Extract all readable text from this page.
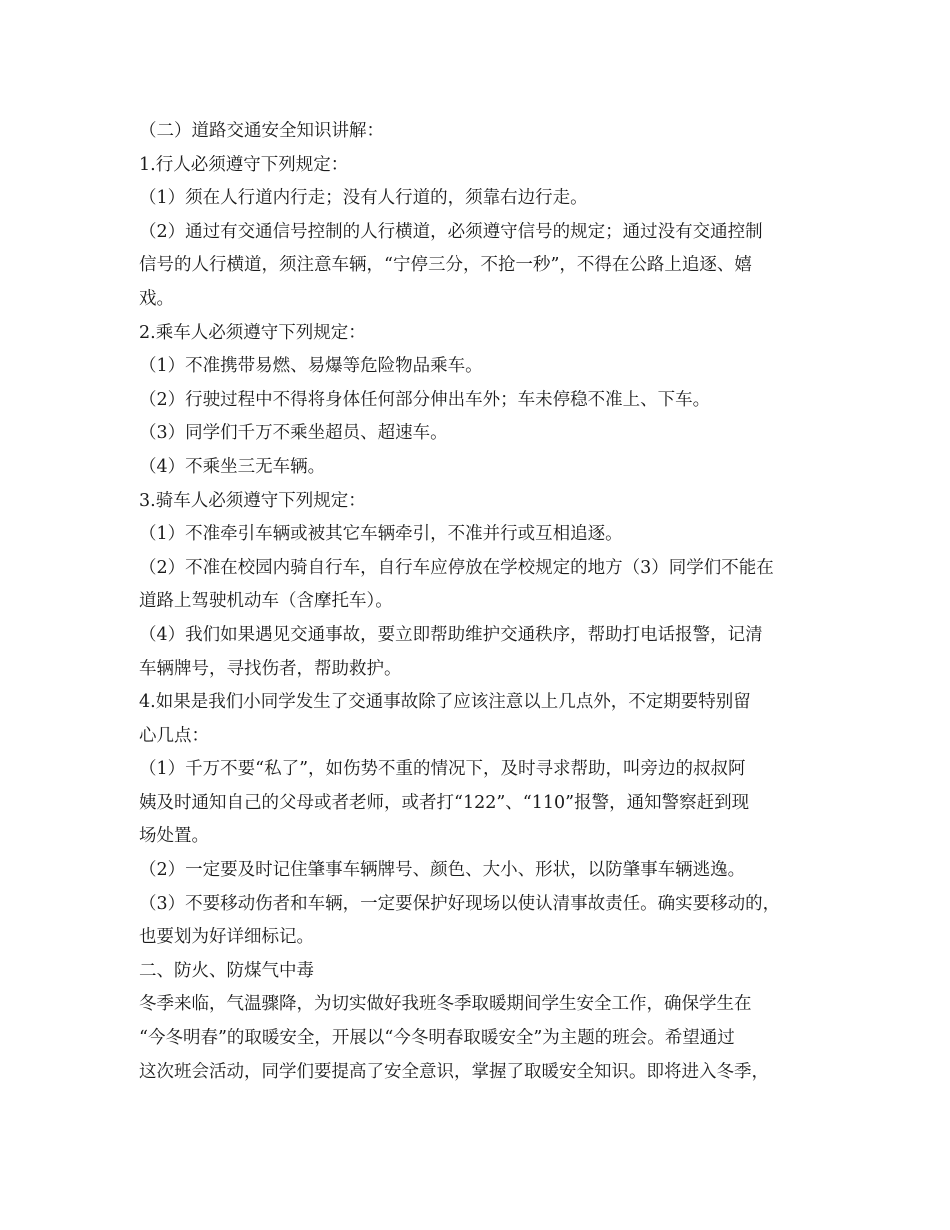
（二）道路交通安全知识讲解：
1.行人必须遵守下列规定：
（1）须在人行道内行走；没有人行道的，须靠右边行走。
（2）通过有交通信号控制的人行横道，必须遵守信号的规定；通过没有交通控制
信号的人行横道，须注意车辆，“宁停三分，不抢一秒”，不得在公路上追逐、嬉
戏。
2.乘车人必须遵守下列规定：
（1）不准携带易燃、易爆等危险物品乘车。
（2）行驶过程中不得将身体任何部分伸出车外；车未停稳不准上、下车。
（3）同学们千万不乘坐超员、超速车。
（4）不乘坐三无车辆。
3.骑车人必须遵守下列规定：
（1）不准牵引车辆或被其它车辆牵引，不准并行或互相追逐。
（2）不准在校园内骑自行车，自行车应停放在学校规定的地方（3）同学们不能在
道路上驾驶机动车（含摩托车）。
（4）我们如果遇见交通事故，要立即帮助维护交通秩序，帮助打电话报警，记清
车辆牌号，寻找伤者，帮助救护。
4.如果是我们小同学发生了交通事故除了应该注意以上几点外，不定期要特别留
心几点：
（1）千万不要“私了”，如伤势不重的情况下，及时寻求帮助，叫旁边的叔叔阿
姨及时通知自己的父母或者老师，或者打“122”、“110”报警，通知警察赶到现
场处置。
（2）一定要及时记住肇事车辆牌号、颜色、大小、形状，以防肇事车辆逃逸。
（3）不要移动伤者和车辆，一定要保护好现场以使认清事故责任。确实要移动的，
也要划为好详细标记。
二、防火、防煤气中毒
冬季来临，气温骤降，为切实做好我班冬季取暖期间学生安全工作，确保学生在
“今冬明春”的取暖安全，开展以“今冬明春取暖安全”为主题的班会。希望通过
这次班会活动，同学们要提高了安全意识，掌握了取暖安全知识。即将进入冬季，
